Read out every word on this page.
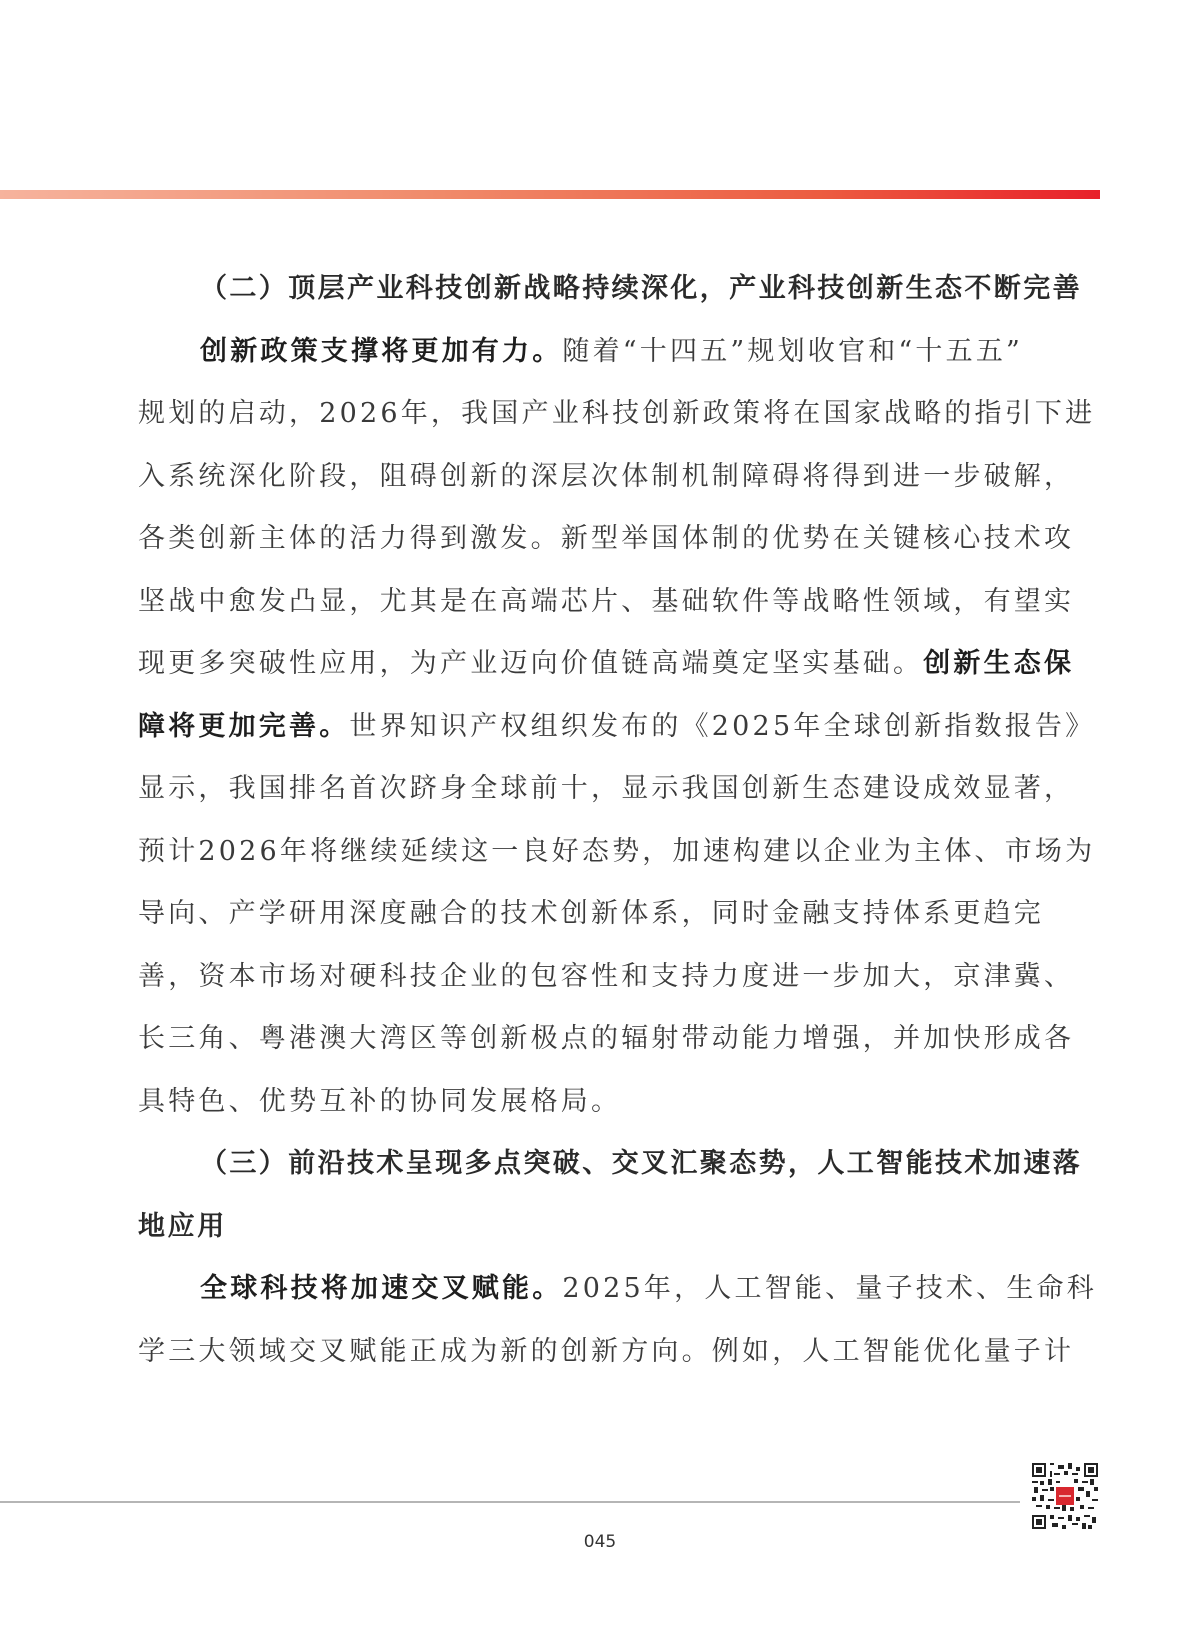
（二）顶层产业科技创新战略持续深化，产业科技创新生态不断完善
创新政策支撑将更加有力。随着“十四五”规划收官和“十五五”
规划的启动，2026年，我国产业科技创新政策将在国家战略的指引下进
入系统深化阶段，阻碍创新的深层次体制机制障碍将得到进一步破解，
各类创新主体的活力得到激发。新型举国体制的优势在关键核心技术攻
坚战中愈发凸显，尤其是在高端芯片、基础软件等战略性领域，有望实
现更多突破性应用，为产业迈向价值链高端奠定坚实基础。创新生态保
障将更加完善。世界知识产权组织发布的《2025年全球创新指数报告》
显示，我国排名首次跻身全球前十，显示我国创新生态建设成效显著，
预计2026年将继续延续这一良好态势，加速构建以企业为主体、市场为
导向、产学研用深度融合的技术创新体系，同时金融支持体系更趋完
善，资本市场对硬科技企业的包容性和支持力度进一步加大，京津冀、
长三角、粤港澳大湾区等创新极点的辐射带动能力增强，并加快形成各
具特色、优势互补的协同发展格局。
（三）前沿技术呈现多点突破、交叉汇聚态势，人工智能技术加速落
地应用
全球科技将加速交叉赋能。2025年，人工智能、量子技术、生命科
学三大领域交叉赋能正成为新的创新方向。例如，人工智能优化量子计
045
